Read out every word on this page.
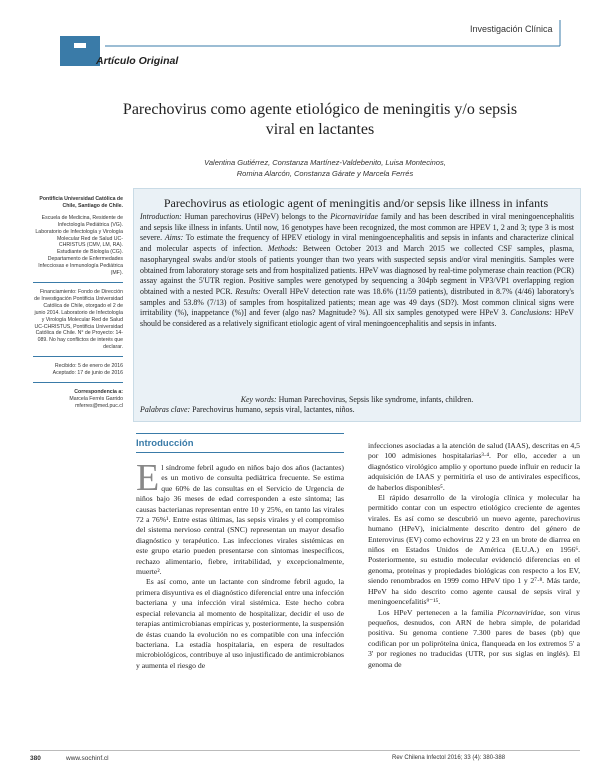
Investigación Clínica
Artículo Original
Parechovirus como agente etiológico de meningitis y/o sepsis viral en lactantes
Valentina Gutiérrez, Constanza Martínez-Valdebenito, Luisa Montecinos,
Romina Alarcón, Constanza Gárate y Marcela Ferrés

Pontificia Universidad Católica de Chile, Santiago de Chile.

Escuela de Medicina, Residente de Infectología Pediátrica (VG). Laboratorio de Infectología y Virología Molecular Red de Salud UC-CHRISTUS (CMV, LM, RA). Estudiante de Biología (CG). Departamento de Enfermedades Infecciosas e Inmunología Pediátrica (MF).

Financiamiento: Fondo de Dirección de Investigación Pontificia Universidad Católica de Chile, otorgado el 2 de junio 2014. Laboratorio de Infectología y Virología Molecular Red de Salud UC-CHRISTUS, Pontificia Universidad Católica de Chile. N° de Proyecto: 14-089. No hay conflictos de interés que declarar.

Recibido: 5 de enero de 2016

Aceptado: 17 de junio de 2016

Correspondencia a:

Marcela Ferrés Garrido

mferres@med.puc.cl

Parechovirus as etiologic agent of meningitis and/or sepsis like illness in infants
Introduction: Human parechovirus (HPeV) belongs to the Picornaviridae family and has been described in viral meningoencephalitis and sepsis like illness in infants. Until now, 16 genotypes have been recognized, the most common are HPEV 1, 2 and 3; type 3 is most severe. Aims: To estimate the frequency of HPEV etiology in viral meningoencephalitis and sepsis in infants and characterize clinical and molecular aspects of infection. Methods: Between October 2013 and March 2015 we collected CSF samples, plasma, nasopharyngeal swabs and/or stools of patients younger than two years with suspected sepsis and/or viral meningitis. Samples were obtained from laboratory storage sets and from hospitalized patients. HPeV was diagnosed by real-time polymerase chain reaction (PCR) assay against the 5'UTR region. Positive samples were genotyped by sequencing a 304pb segment in VP3/VP1 overlapping region obtained with a nested PCR. Results: Overall HPeV detection rate was 18.6% (11/59 patients), distributed in 8.7% (4/46) laboratory's samples and 53.8% (7/13) of samples from hospitalized patients; mean age was 49 days (SD?). Most common clinical signs were irritability (%), inappetance (%)] and fever (algo nas? Magnitude? %). All six samples genotyped were HPeV 3. Conclusions: HPeV should be considered as a relatively significant etiologic agent of viral meningoencephalitis and sepsis in infants.
Key words: Human Parechovirus, Sepsis like syndrome, infants, children.
Palabras clave: Parechovirus humano, sepsis viral, lactantes, niños.
Introducción

El síndrome febril agudo en niños bajo dos años (lactantes) es un motivo de consulta pediátrica frecuente. Se estima que 60% de las consultas en el Servicio de Urgencia de niños bajo 36 meses de edad corresponden a este síntoma; las causas bacterianas representan entre 10 y 25%, en tanto las virales 72 a 76%¹. Entre estas últimas, las sepsis virales y el compromiso del sistema nervioso central (SNC) representan un mayor desafío diagnóstico y terapéutico. Las infecciones virales sistémicas en este grupo etario pueden presentarse con síntomas inespecíficos, rechazo alimentario, fiebre, irritabilidad, y excepcionalmente, muerte².

Es así como, ante un lactante con síndrome febril agudo, la primera disyuntiva es el diagnóstico diferencial entre una infección bacteriana y una infección viral sistémica. Este hecho cobra especial relevancia al momento de hospitalizar, decidir el uso de terapias antimicrobianas empíricas y, posteriormente, la suspensión de éstas cuando la evolución no es compatible con una infección bacteriana. La estadía hospitalaria, en espera de resultados microbiológicos, contribuye al uso injustificado de antimicrobianos y aumenta el riesgo de

infecciones asociadas a la atención de salud (IAAS), descritas en 4,5 por 100 admisiones hospitalarias³·⁴. Por ello, acceder a un diagnóstico virológico amplio y oportuno puede influir en reducir la adquisición de IAAS y permitiría el uso de antivirales específicos, de haberlos disponibles⁵.

El rápido desarrollo de la virología clínica y molecular ha permitido contar con un espectro etiológico creciente de agentes virales. Es así como se descubrió un nuevo agente, parechovirus humano (HPeV), inicialmente descrito dentro del género de Enterovirus (EV) como echovirus 22 y 23 en un brote de diarrea en niños en Estados Unidos de América (E.U.A.) en 1956⁶. Posteriormente, su estudio molecular evidenció diferencias en el genoma, proteínas y propiedades biológicas con respecto a los EV, siendo renombrados en 1999 como HPeV tipo 1 y 2⁷·⁸. Más tarde, HPeV ha sido descrito como agente causal de sepsis viral y meningoencefalitis⁹⁻¹⁵.

Los HPeV pertenecen a la familia Picornaviridae, son virus pequeños, desnudos, con ARN de hebra simple, de polaridad positiva. Su genoma contiene 7.300 pares de bases (pb) que codifican por un polipróteína única, flanqueada en los extremos 5' a 3' por regiones no traducidas (UTR, por sus siglas en inglés). El genoma de

380	www.sochinf.cl	Rev Chilena Infectol 2016; 33 (4): 380-388
